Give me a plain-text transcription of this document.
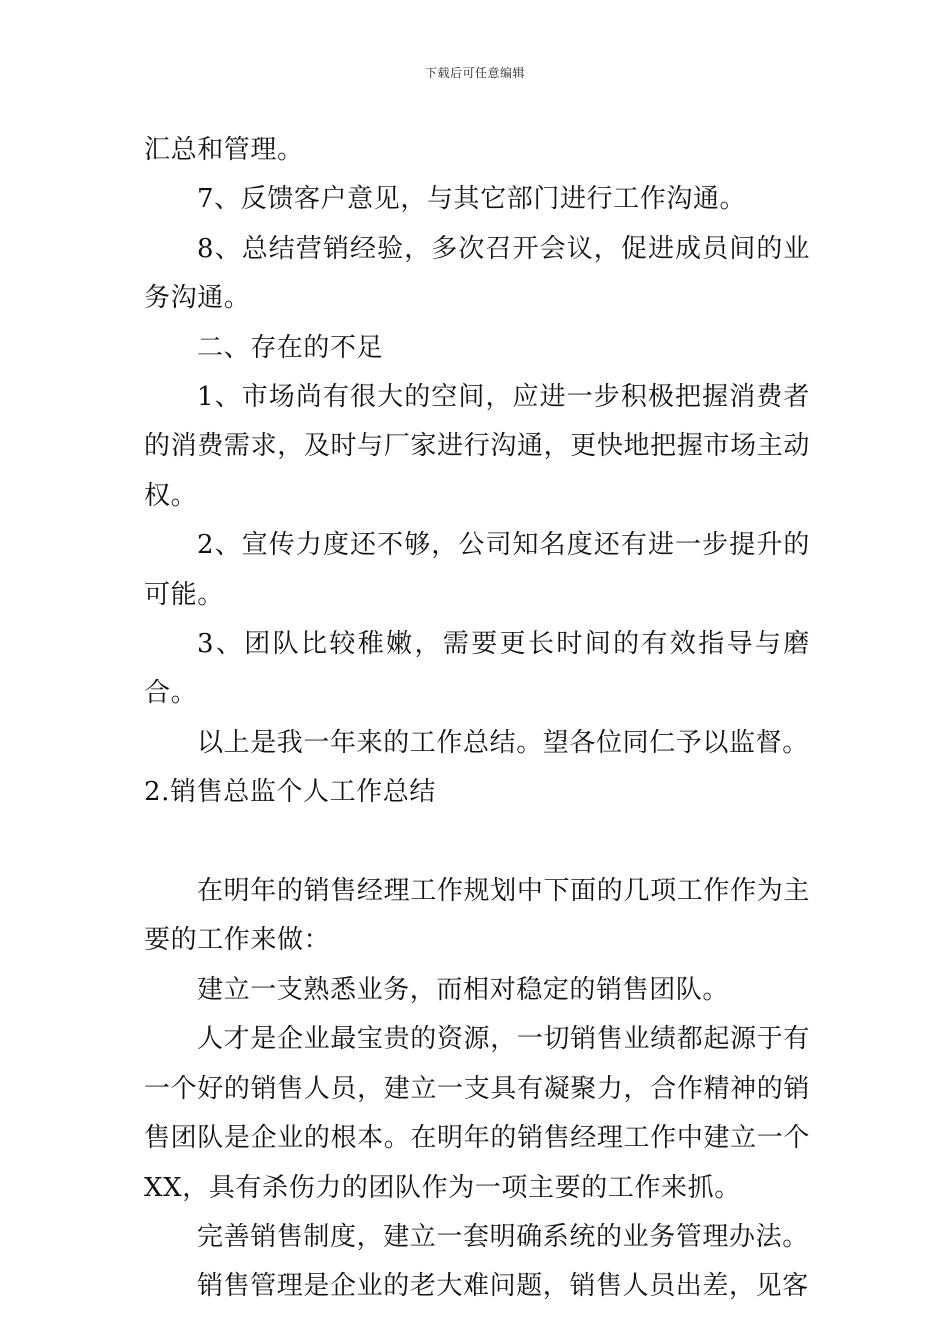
下载后可任意编辑

汇总和管理。

7、反馈客户意见，与其它部门进行工作沟通。

8、总结营销经验，多次召开会议，促进成员间的业务沟通。

二、存在的不足

1、市场尚有很大的空间，应进一步积极把握消费者的消费需求，及时与厂家进行沟通，更快地把握市场主动权。

2、宣传力度还不够，公司知名度还有进一步提升的可能。

3、团队比较稚嫩，需要更长时间的有效指导与磨合。

以上是我一年来的工作总结。望各位同仁予以监督。

2.销售总监个人工作总结

在明年的销售经理工作规划中下面的几项工作作为主要的工作来做：

建立一支熟悉业务，而相对稳定的销售团队。

人才是企业最宝贵的资源，一切销售业绩都起源于有一个好的销售人员，建立一支具有凝聚力，合作精神的销售团队是企业的根本。在明年的销售经理工作中建立一个XX，具有杀伤力的团队作为一项主要的工作来抓。

完善销售制度，建立一套明确系统的业务管理办法。

销售管理是企业的老大难问题，销售人员出差，见客
